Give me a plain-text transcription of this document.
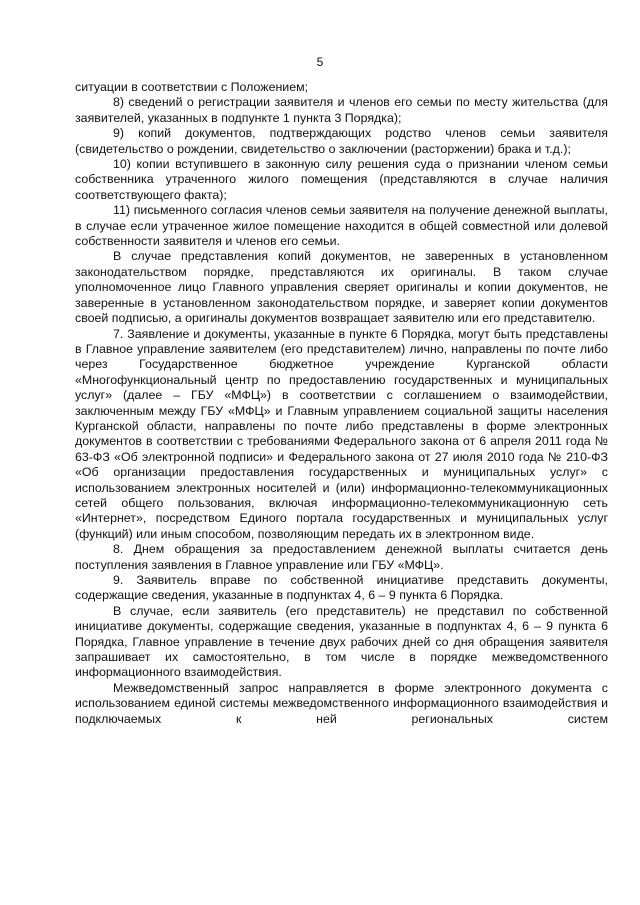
5

ситуации в соответствии с Положением;

8) сведений о регистрации заявителя и членов его семьи по месту жительства (для заявителей, указанных в подпункте 1 пункта 3 Порядка);

9) копий документов, подтверждающих родство членов семьи заявителя (свидетельство о рождении, свидетельство о заключении (расторжении) брака и т.д.);

10) копии вступившего в законную силу решения суда о признании членом семьи собственника утраченного жилого помещения (представляются в случае наличия соответствующего факта);

11) письменного согласия членов семьи заявителя на получение денежной выплаты, в случае если утраченное жилое помещение находится в общей совместной или долевой собственности заявителя и членов его семьи.

В случае представления копий документов, не заверенных в установленном законодательством порядке, представляются их оригиналы. В таком случае уполномоченное лицо Главного управления сверяет оригиналы и копии документов, не заверенные в установленном законодательством порядке, и заверяет копии документов своей подписью, а оригиналы документов возвращает заявителю или его представителю.

7. Заявление и документы, указанные в пункте 6 Порядка, могут быть представлены в Главное управление заявителем (его представителем) лично, направлены по почте либо через Государственное бюджетное учреждение Курганской области «Многофункциональный центр по предоставлению государственных и муниципальных услуг» (далее – ГБУ «МФЦ») в соответствии с соглашением о взаимодействии, заключенным между ГБУ «МФЦ» и Главным управлением социальной защиты населения Курганской области, направлены по почте либо представлены в форме электронных документов в соответствии с требованиями Федерального закона от 6 апреля 2011 года № 63-ФЗ «Об электронной подписи» и Федерального закона от 27 июля 2010 года № 210-ФЗ «Об организации предоставления государственных и муниципальных услуг» с использованием электронных носителей и (или) информационно-телекоммуникационных сетей общего пользования, включая информационно-телекоммуникационную сеть «Интернет», посредством Единого портала государственных и муниципальных услуг (функций) или иным способом, позволяющим передать их в электронном виде.

8. Днем обращения за предоставлением денежной выплаты считается день поступления заявления в Главное управление или ГБУ «МФЦ».

9. Заявитель вправе по собственной инициативе представить документы, содержащие сведения, указанные в подпунктах 4, 6 – 9 пункта 6 Порядка.

В случае, если заявитель (его представитель) не представил по собственной инициативе документы, содержащие сведения, указанные в подпунктах 4, 6 – 9 пункта 6 Порядка, Главное управление в течение двух рабочих дней со дня обращения заявителя запрашивает их самостоятельно, в том числе в порядке межведомственного информационного взаимодействия.

Межведомственный запрос направляется в форме электронного документа с использованием единой системы межведомственного информационного взаимодействия и подключаемых к ней региональных систем
